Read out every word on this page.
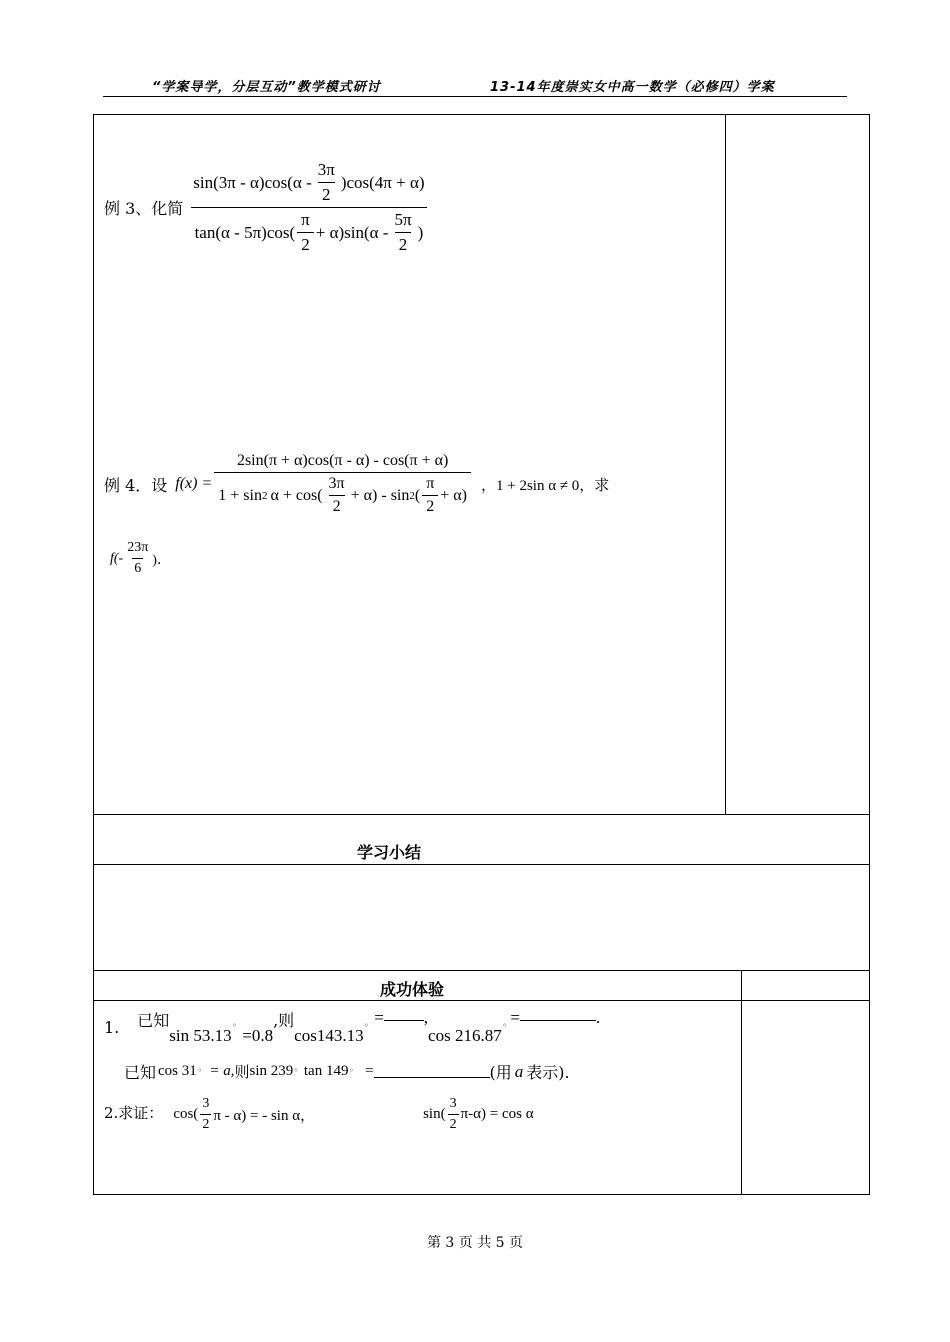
“学案导学，分层互动”教学模式研讨	13-14年度崇实女中高一数学（必修四）学案
例 3、化简 $\frac{\sin(3\pi - \alpha)\cos(\alpha - \frac{3\pi}{2} )\cos(4\pi + \alpha)}{\tan(\alpha - 5\pi)\cos( \frac{\pi}{2} + \alpha)\sin(\alpha - \frac{5\pi}{2} )}$
例 4．设 f(x) =
2sin(π + α)cos(π - α) - cos(π + α)
1 + sin 2 $\alpha + \cos( \frac{3\pi}{2} + \alpha) - \sin 2$ ( $\frac{\pi}{2} + \alpha$)
，1 + 2sin α ≠ 0，求
$f(- \frac{23\pi}{6}$ )．
学习小结
成功体验
1. 已知
sin 53.13 ° =0.8
,则
cos143.13 ° = ,
cos 216.87 ° =	.
已知 cos 31 ° = a, 则 sin 239 ° tan 149 ° =	(用 a 表示).
2.求证： $\cos( \frac{3}{2}$ π - α) = - sin α，	$\sin( \frac{3}{2} \pi-\alpha) = \cos \alpha$
第 3 页 共 5 页
